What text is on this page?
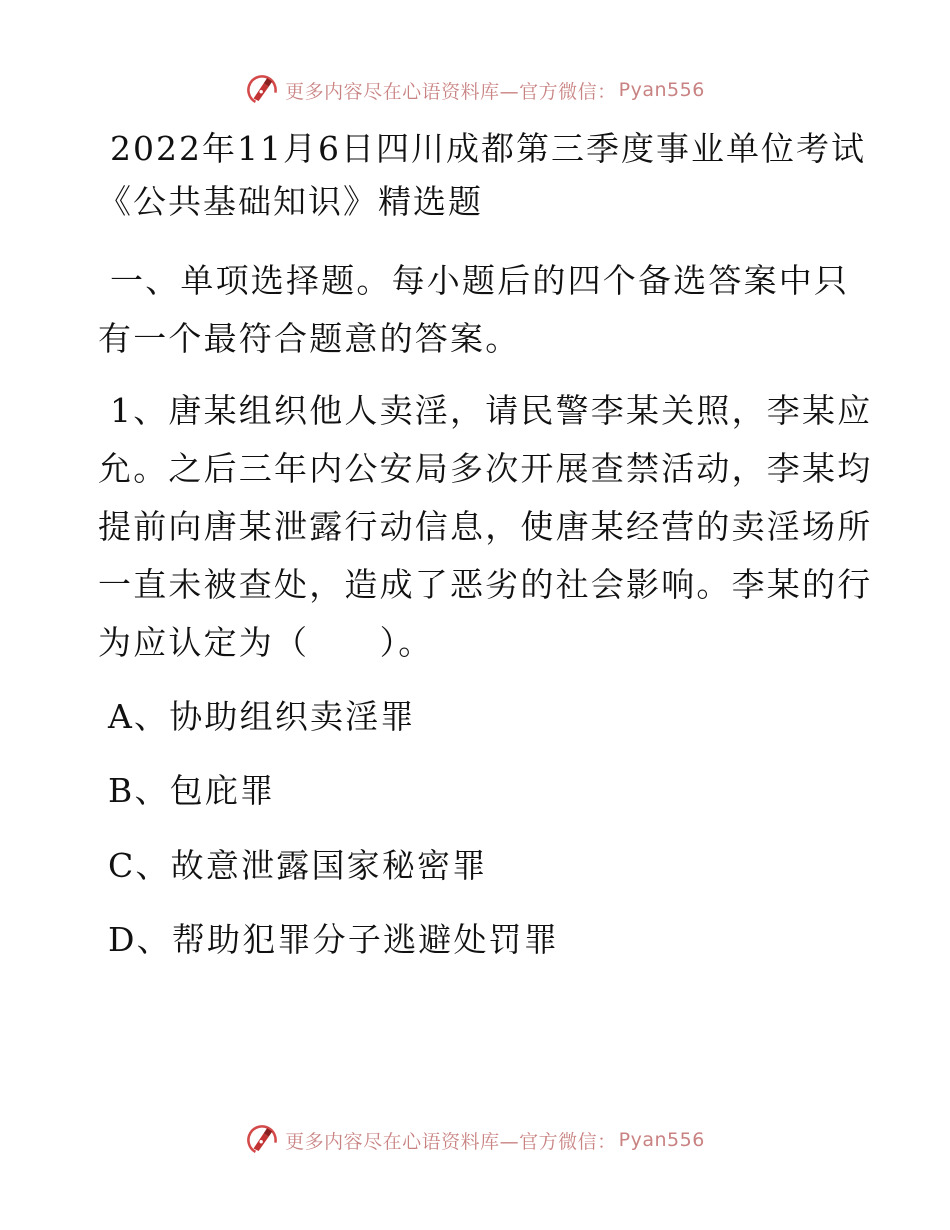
更多内容尽在心语资料库—官方微信： Pyan556
2022年11月6日四川成都第三季度事业单位考试
《公共基础知识》精选题

一、单项选择题。每小题后的四个备选答案中只
有一个最符合题意的答案。

1、唐某组织他人卖淫，请民警李某关照，李某应
允。之后三年内公安局多次开展查禁活动，李某均
提前向唐某泄露行动信息，使唐某经营的卖淫场所
一直未被查处，造成了恶劣的社会影响。李某的行
为应认定为（　　）。

A、协助组织卖淫罪

B、包庇罪

C、故意泄露国家秘密罪

D、帮助犯罪分子逃避处罚罪

更多内容尽在心语资料库—官方微信： Pyan556
